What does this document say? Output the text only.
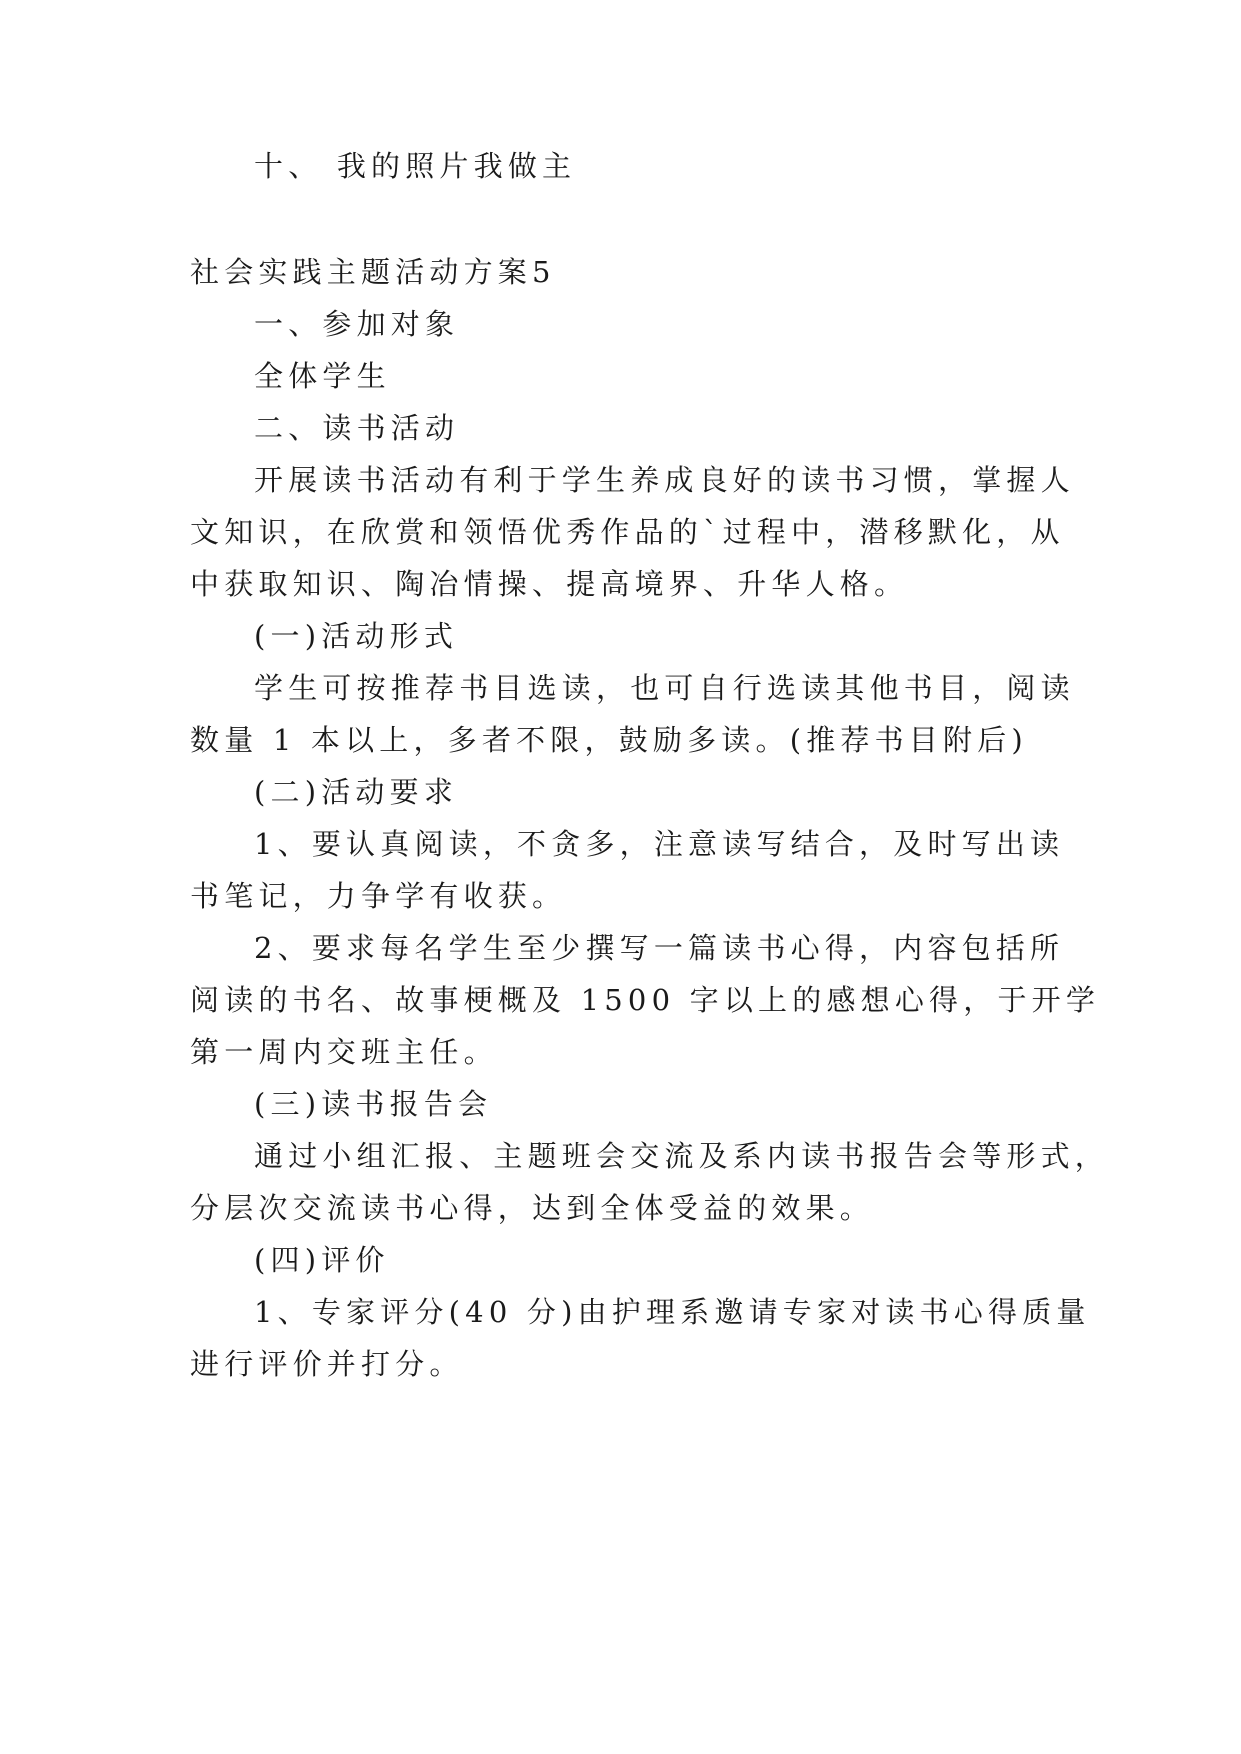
十、 我的照片我做主
社会实践主题活动方案5
一、参加对象
全体学生
二、读书活动
开展读书活动有利于学生养成良好的读书习惯，掌握人
文知识，在欣赏和领悟优秀作品的`过程中，潜移默化，从
中获取知识、陶冶情操、提高境界、升华人格。
(一)活动形式
学生可按推荐书目选读，也可自行选读其他书目，阅读
数量 1 本以上，多者不限，鼓励多读。(推荐书目附后)
(二)活动要求
1、要认真阅读，不贪多，注意读写结合，及时写出读
书笔记，力争学有收获。
2、要求每名学生至少撰写一篇读书心得，内容包括所
阅读的书名、故事梗概及 1500 字以上的感想心得，于开学
第一周内交班主任。
(三)读书报告会
通过小组汇报、主题班会交流及系内读书报告会等形式，
分层次交流读书心得，达到全体受益的效果。
(四)评价
1、专家评分(40 分)由护理系邀请专家对读书心得质量
进行评价并打分。
